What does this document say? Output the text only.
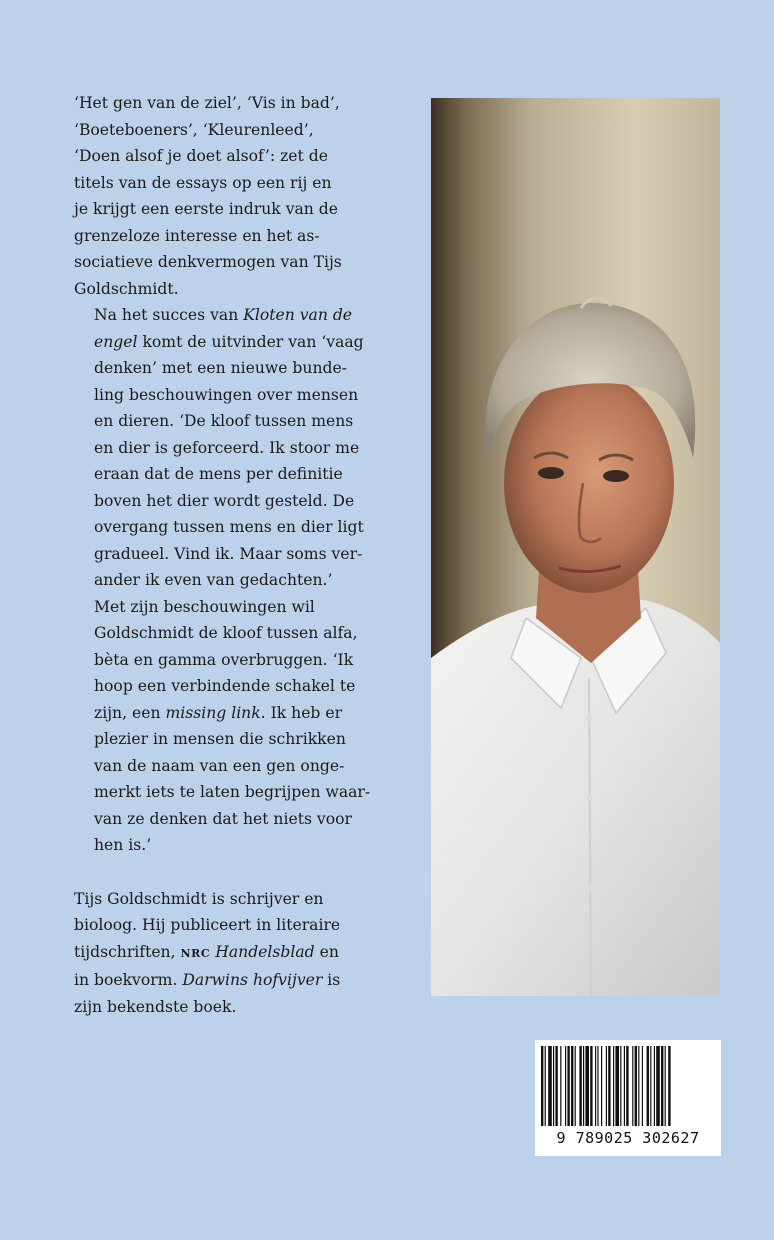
‘Het gen van de ziel’, ‘Vis in bad’,
‘Boeteboeners’, ‘Kleurenleed’,
‘Doen alsof je doet alsof’: zet de
titels van de essays op een rij en
je krijgt een eerste indruk van de
grenzeloze interesse en het as-
sociatieve denkvermogen van Tijs
Goldschmidt.

Na het succes van Kloten van de
engel komt de uitvinder van ‘vaag
denken’ met een nieuwe bunde-
ling beschouwingen over mensen
en dieren. ‘De kloof tussen mens
en dier is geforceerd. Ik stoor me
eraan dat de mens per definitie
boven het dier wordt gesteld. De
overgang tussen mens en dier ligt
gradueel. Vind ik. Maar soms ver-
ander ik even van gedachten.’

Met zijn beschouwingen wil
Goldschmidt de kloof tussen alfa,
bèta en gamma overbruggen. ‘Ik
hoop een verbindende schakel te
zijn, een missing link. Ik heb er
plezier in mensen die schrikken
van de naam van een gen onge-
merkt iets te laten begrijpen waar-
van ze denken dat het niets voor
hen is.’

Tijs Goldschmidt is schrijver en
bioloog. Hij publiceert in literaire
tijdschriften, NRC Handelsblad en
in boekvorm. Darwins hofvijver is
zijn bekendste boek.

9 789025 302627
